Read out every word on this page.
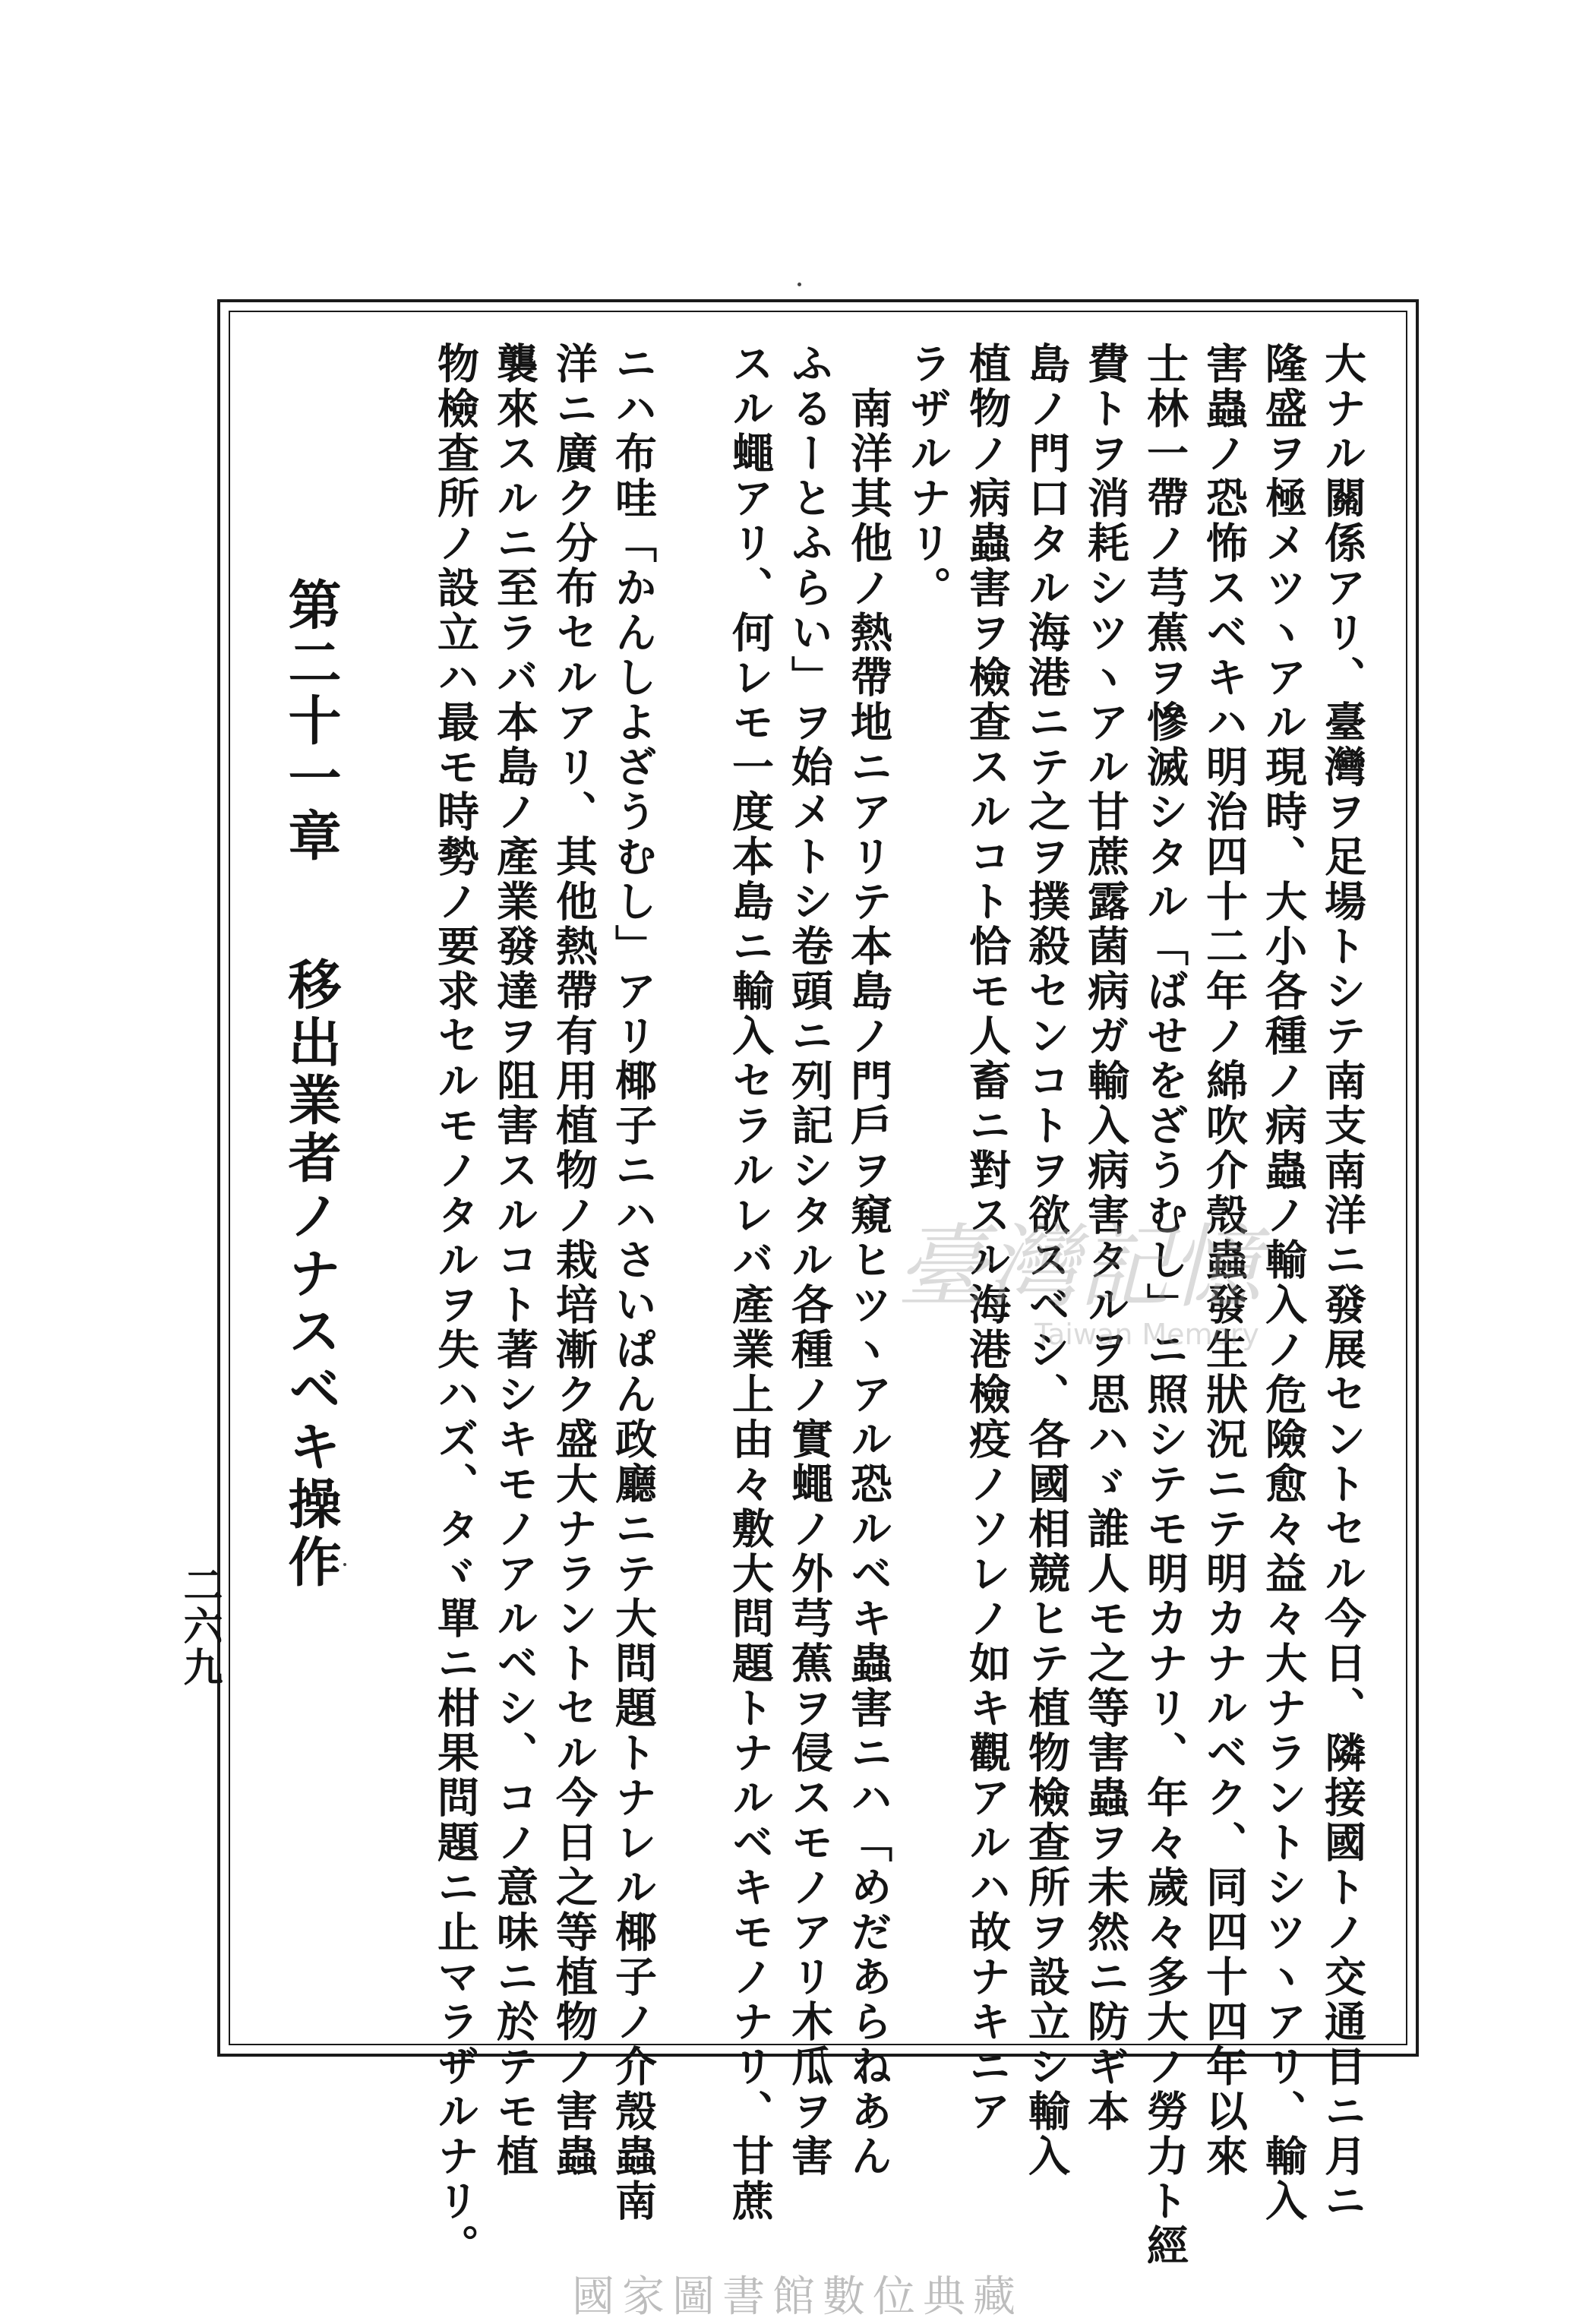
大ナル關係アリ、臺灣ヲ足場トシテ南支南洋ニ發展セントセル今日、隣接國トノ交通日ニ月ニ
隆盛ヲ極メツヽアル現時、大小各種ノ病蟲ノ輸入ノ危險愈々益々大ナラントシツヽアリ、輸入
害蟲ノ恐怖スベキハ明治四十二年ノ綿吹介殼蟲發生狀況ニテ明カナルベク、同四十四年以來
士林一帶ノ芎蕉ヲ慘滅シタル「ばせをざうむし」ニ照シテモ明カナリ、年々歲々多大ノ勞力ト經
費トヲ消耗シツヽアル甘蔗露菌病ガ輸入病害タルヲ思ハゞ誰人モ之等害蟲ヲ未然ニ防ギ本
島ノ門口タル海港ニテ之ヲ撲殺センコトヲ欲スベシ、各國相競ヒテ植物檢查所ヲ設立シ輸入
植物ノ病蟲害ヲ檢查スルコト恰モ人畜ニ對スル海港檢疫ノソレノ如キ觀アルハ故ナキニア
ラザルナリ。
　南洋其他ノ熱帶地ニアリテ本島ノ門戶ヲ窺ヒツヽアル恐ルベキ蟲害ニハ「めだあらねあん
ふるーとふらい」ヲ始メトシ卷頭ニ列記シタル各種ノ實蠅ノ外芎蕉ヲ侵スモノアリ木瓜ヲ害
スル蠅アリ、何レモ一度本島ニ輸入セラルレバ產業上由々敷大問題トナルベキモノナリ、甘蔗
ニハ布哇「かんしよざうむし」アリ椰子ニハさいぱん政廳ニテ大問題トナレル椰子ノ介殼蟲南
洋ニ廣ク分布セルアリ、其他熱帶有用植物ノ栽培漸ク盛大ナラントセル今日之等植物ノ害蟲
襲來スルニ至ラバ本島ノ產業發達ヲ阻害スルコト著シキモノアルベシ、コノ意味ニ於テモ植
物檢查所ノ設立ハ最モ時勢ノ要求セルモノタルヲ失ハズ、タヾ單ニ柑果問題ニ止マラザルナリ。
第二十一章移出業者ノナスベキ操作
二六九
臺灣記憶
Taiwan Memory
國家圖書館數位典藏
